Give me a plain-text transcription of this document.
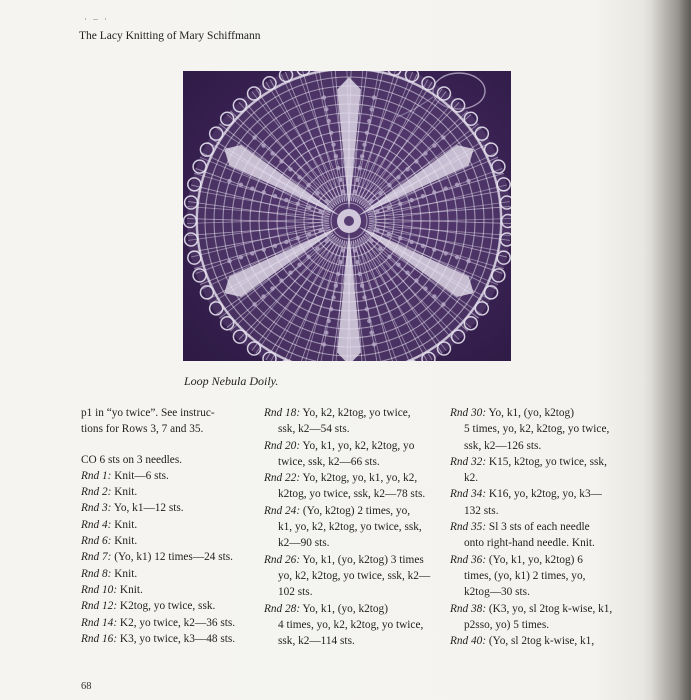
· – ·
The Lacy Knitting of Mary Schiffmann
Loop Nebula Doily.
p1 in “yo twice”. See instruc-
tions for Rows 3, 7 and 35.
CO 6 sts on 3 needles.
Rnd 1: Knit—6 sts.
Rnd 2: Knit.
Rnd 3: Yo, k1—12 sts.
Rnd 4: Knit.
Rnd 6: Knit.
Rnd 7: (Yo, k1) 12 times—24 sts.
Rnd 8: Knit.
Rnd 10: Knit.
Rnd 12: K2tog, yo twice, ssk.
Rnd 14: K2, yo twice, k2—36 sts.
Rnd 16: K3, yo twice, k3—48 sts.
Rnd 18: Yo, k2, k2tog, yo twice,
ssk, k2—54 sts.
Rnd 20: Yo, k1, yo, k2, k2tog, yo
twice, ssk, k2—66 sts.
Rnd 22: Yo, k2tog, yo, k1, yo, k2,
k2tog, yo twice, ssk, k2—78 sts.
Rnd 24: (Yo, k2tog) 2 times, yo,
k1, yo, k2, k2tog, yo twice, ssk,
k2—90 sts.
Rnd 26: Yo, k1, (yo, k2tog) 3 times
yo, k2, k2tog, yo twice, ssk, k2—
102 sts.
Rnd 28: Yo, k1, (yo, k2tog)
4 times, yo, k2, k2tog, yo twice,
ssk, k2—114 sts.
Rnd 30: Yo, k1, (yo, k2tog)
5 times, yo, k2, k2tog, yo twice,
ssk, k2—126 sts.
Rnd 32: K15, k2tog, yo twice, ssk,
k2.
Rnd 34: K16, yo, k2tog, yo, k3—
132 sts.
Rnd 35: Sl 3 sts of each needle
onto right-hand needle. Knit.
Rnd 36: (Yo, k1, yo, k2tog) 6
times, (yo, k1) 2 times, yo,
k2tog—30 sts.
Rnd 38: (K3, yo, sl 2tog k-wise, k1,
p2sso, yo) 5 times.
Rnd 40: (Yo, sl 2tog k-wise, k1,
68
